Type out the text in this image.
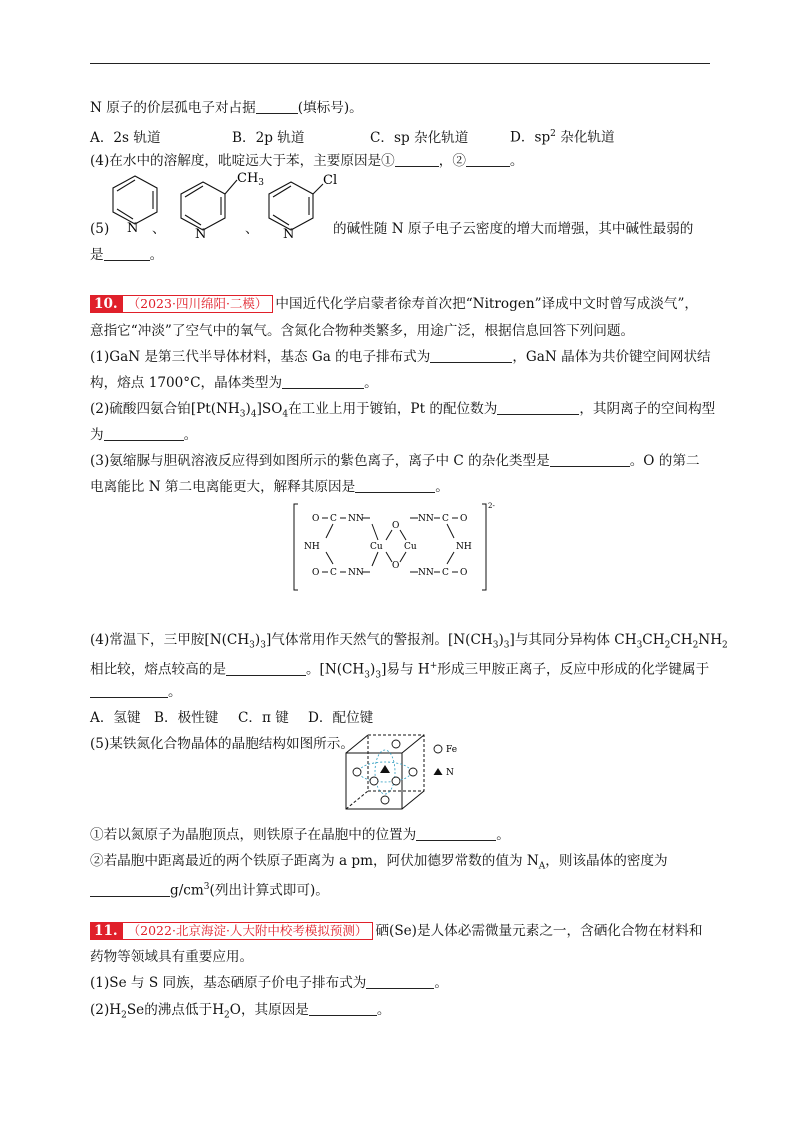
N 原子的价层孤电子对占据	(填标号)。
A．2s 轨道	B．2p 轨道	C．sp 杂化轨道	D．$sp^2$ 杂化轨道
(4)在水中的溶解度，吡啶远大于苯，主要原因是①	，②	。
N	N
$CH_3$
N
Cl
(5)	、	、	的碱性随 N 原子电子云密度的增大而增强，其中碱性最弱的
是	。
10. （2023·四川绵阳·二模） 中国近代化学启蒙者徐寿首次把“Nitrogen”译成中文时曾写成淡气”，
意指它“冲淡”了空气中的氧气。含氮化合物种类繁多，用途广泛，根据信息回答下列问题。
(1)GaN 是第三代半导体材料，基态 Ga 的电子排布式为	，GaN 晶体为共价键空间网状结
构，熔点 1700°C，晶体类型为	。
(2)硫酸四氨合铂$[Pt(NH_3)_4]SO_4$在工业上用于镀铂，Pt 的配位数为	，其阴离子的空间构型
为	。
(3)氨缩脲与胆矾溶液反应得到如图所示的紫色离子，离子中 C 的杂化类型是	。O 的第二
电离能比 N 第二电离能更大，解释其原因是	。
O C NN
NH
O C NN
Cu
O
O
Cu
NN C O
NH
NN C O
2-
(4)常温下，三甲胺$[N(CH_3)_3]$气体常用作天然气的警报剂。$[N(CH_3)_3]$与其同分异构体 $CH_3CH_2CH_2NH_2$
相比较，熔点较高的是	。$[N(CH_3)_3]$易与 H+形成三甲胺正离子，反应中形成的化学键属于
。
A．氢键 B．极性键 C．π 键 D．配位键
(5)某铁氮化合物晶体的晶胞结构如图所示。	Fe
N
①若以氮原子为晶胞顶点，则铁原子在晶胞中的位置为	。
②若晶胞中距离最近的两个铁原子距离为 a pm，阿伏加德罗常数的值为 $N_A$，则该晶体的密度为
$g/cm^3$(列出计算式即可)。
11. （2022·北京海淀·人大附中校考模拟预测） 硒(Se)是人体必需微量元素之一，含硒化合物在材料和
药物等领域具有重要应用。
(1)Se 与 S 同族，基态硒原子价电子排布式为	。
$(2)H_2Se$的沸点低于$H_2O$，其原因是	。
